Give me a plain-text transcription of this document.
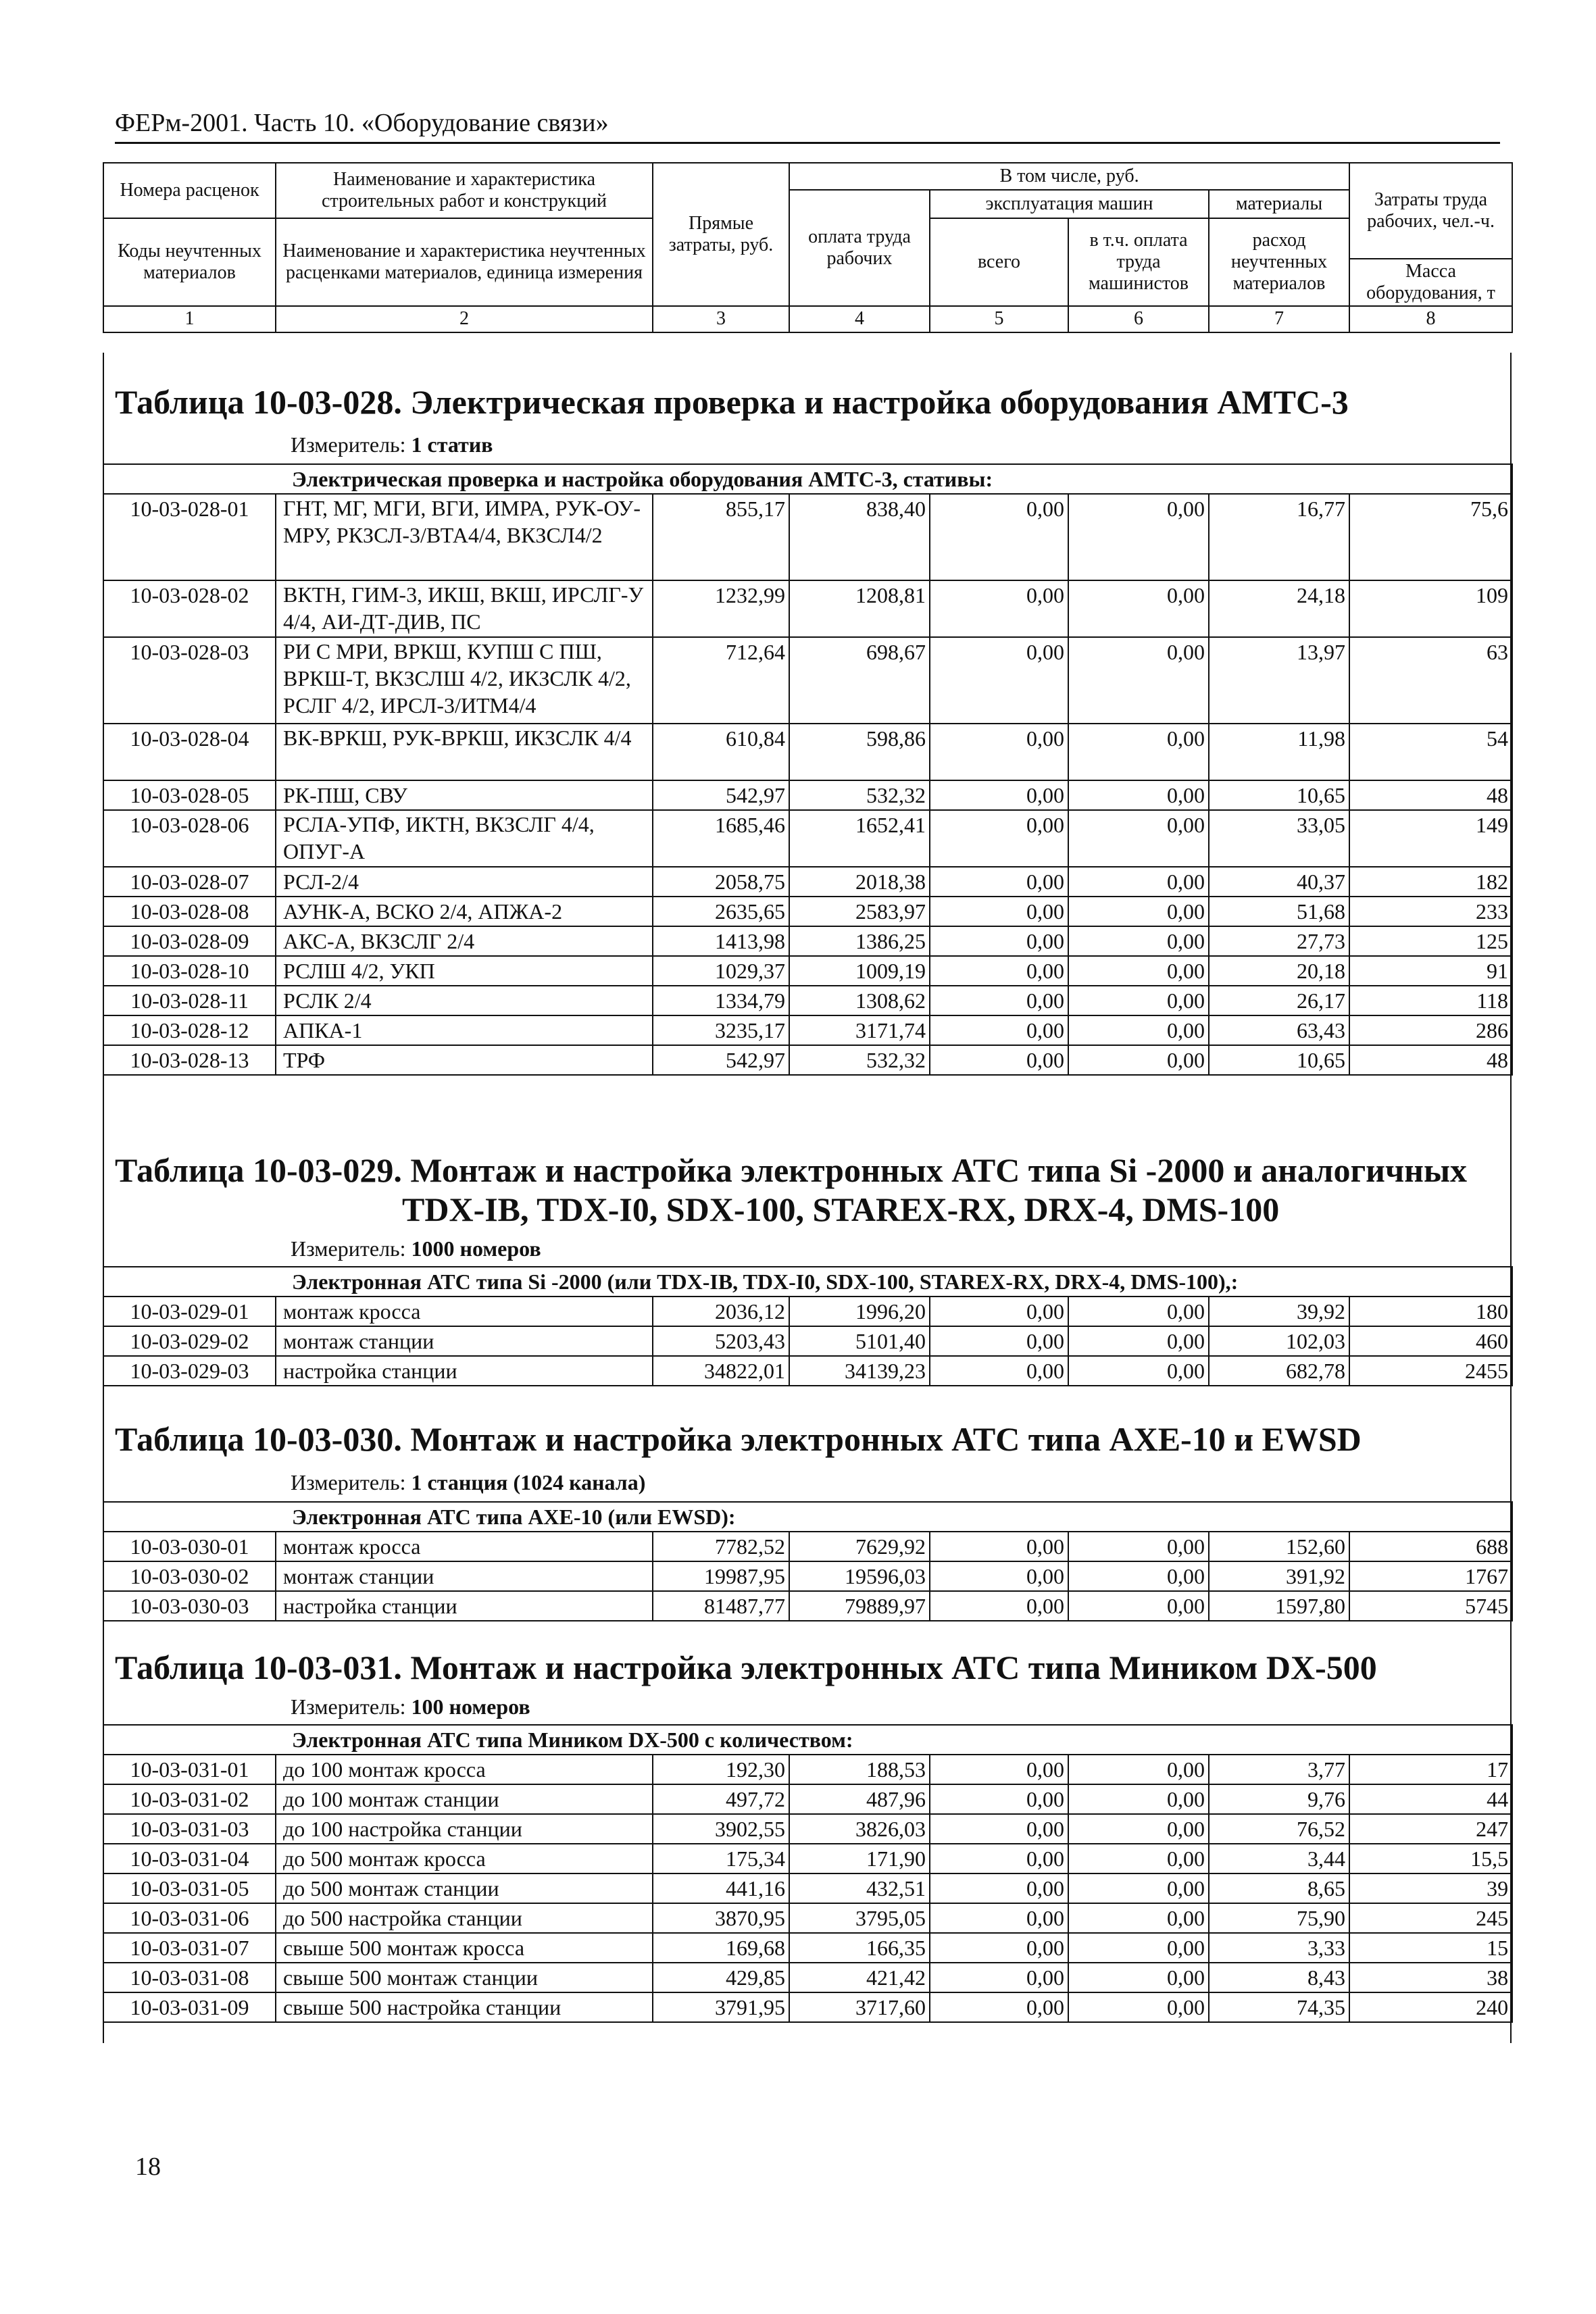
ФЕРм-2001. Часть 10. «Оборудование связи»
Номера расценок	Наименование и характеристика строительных работ и конструкций	Прямые затраты, руб.	В том числе, руб.				Затраты труда рабочих, чел.-ч.
			оплата труда рабочих	эксплуатация машин		материалы	
Коды неучтенных материалов	Наименование и характеристика неучтенных расценками материалов, единица измерения			всего	в т.ч. оплата труда машинистов	расход неучтенных материалов	
							Масса оборудования, т
1	2	3	4	5	6	7	8
Таблица 10-03-028. Электрическая проверка и настройка оборудования АМТС-3
Измеритель: 1 статив
Электрическая проверка и настройка оборудования АМТС-3, стативы:							
10-03-028-01	ГНТ, МГ, МГИ, ВГИ, ИМРА, РУК-ОУ-МРУ, РКЗСЛ-3/ВТА4/4, ВКЗСЛ4/2	855,17	838,40	0,00	0,00	16,77	75,6
10-03-028-02	ВКТН, ГИМ-3, ИКШ, ВКШ, ИРСЛГ-У 4/4, АИ-ДТ-ДИВ, ПС	1232,99	1208,81	0,00	0,00	24,18	109
10-03-028-03	РИ С МРИ, ВРКШ, КУПШ С ПШ, ВРКШ-Т, ВКЗСЛШ 4/2, ИКЗСЛК 4/2, РСЛГ 4/2, ИРСЛ-3/ИТМ4/4	712,64	698,67	0,00	0,00	13,97	63
10-03-028-04	ВК-ВРКШ, РУК-ВРКШ, ИКЗСЛК 4/4	610,84	598,86	0,00	0,00	11,98	54
10-03-028-05	РК-ПШ, СВУ	542,97	532,32	0,00	0,00	10,65	48
10-03-028-06	РСЛА-УПФ, ИКТН, ВКЗСЛГ 4/4, ОПУГ-А	1685,46	1652,41	0,00	0,00	33,05	149
10-03-028-07	РСЛ-2/4	2058,75	2018,38	0,00	0,00	40,37	182
10-03-028-08	АУНК-А, ВСКО 2/4, АПЖА-2	2635,65	2583,97	0,00	0,00	51,68	233
10-03-028-09	АКС-А, ВКЗСЛГ 2/4	1413,98	1386,25	0,00	0,00	27,73	125
10-03-028-10	РСЛШ 4/2, УКП	1029,37	1009,19	0,00	0,00	20,18	91
10-03-028-11	РСЛК 2/4	1334,79	1308,62	0,00	0,00	26,17	118
10-03-028-12	АПКА-1	3235,17	3171,74	0,00	0,00	63,43	286
10-03-028-13	ТРФ	542,97	532,32	0,00	0,00	10,65	48
Таблица 10-03-029. Монтаж и настройка электронных АТС типа Si -2000 и аналогичных
TDX-IB, TDX-I0, SDX-100, STAREX-RX, DRX-4, DMS-100
Измеритель: 1000 номеров
Электронная АТС типа Si -2000 (или TDX-IB, TDX-I0, SDX-100, STAREX-RX, DRX-4, DMS-100),:							
10-03-029-01	монтаж кросса	2036,12	1996,20	0,00	0,00	39,92	180
10-03-029-02	монтаж станции	5203,43	5101,40	0,00	0,00	102,03	460
10-03-029-03	настройка станции	34822,01	34139,23	0,00	0,00	682,78	2455
Таблица 10-03-030. Монтаж и настройка электронных АТС типа АХЕ-10 и EWSD
Измеритель: 1 станция (1024 канала)
Электронная АТС типа АХЕ-10 (или EWSD):							
10-03-030-01	монтаж кросса	7782,52	7629,92	0,00	0,00	152,60	688
10-03-030-02	монтаж станции	19987,95	19596,03	0,00	0,00	391,92	1767
10-03-030-03	настройка станции	81487,77	79889,97	0,00	0,00	1597,80	5745
Таблица 10-03-031. Монтаж и настройка электронных АТС типа Миником DX-500
Измеритель: 100 номеров
Электронная АТС типа Миником DX-500 с количеством:							
10-03-031-01	до 100 монтаж кросса	192,30	188,53	0,00	0,00	3,77	17
10-03-031-02	до 100 монтаж станции	497,72	487,96	0,00	0,00	9,76	44
10-03-031-03	до 100 настройка станции	3902,55	3826,03	0,00	0,00	76,52	247
10-03-031-04	до 500 монтаж кросса	175,34	171,90	0,00	0,00	3,44	15,5
10-03-031-05	до 500 монтаж станции	441,16	432,51	0,00	0,00	8,65	39
10-03-031-06	до 500 настройка станции	3870,95	3795,05	0,00	0,00	75,90	245
10-03-031-07	свыше 500 монтаж кросса	169,68	166,35	0,00	0,00	3,33	15
10-03-031-08	свыше 500 монтаж станции	429,85	421,42	0,00	0,00	8,43	38
10-03-031-09	свыше 500 настройка станции	3791,95	3717,60	0,00	0,00	74,35	240
18
